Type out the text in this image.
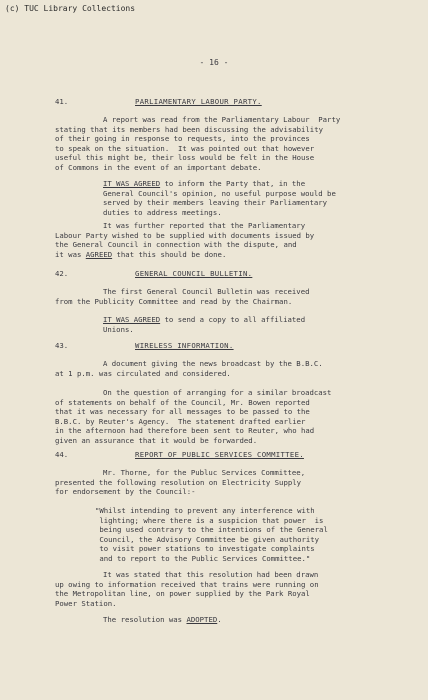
(c) TUC Library Collections
- 16 -
41.	PARLIAMENTARY LABOUR PARTY.
A report was read from the Parliamentary Labour  Party
stating that its members had been discussing the advisability
of their going in response to requests, into the provinces
to speak on the situation.  It was pointed out that however
useful this might be, their loss would be felt in the House
of Commons in the event of an important debate.
IT WAS AGREED to inform the Party that, in the
General Council's opinion, no useful purpose would be
served by their members leaving their Parliamentary
duties to address meetings.
It was further reported that the Parliamentary
Labour Party wished to be supplied with documents issued by
the General Council in connection with the dispute, and
it was AGREED that this should be done.
42.	GENERAL COUNCIL BULLETIN.
The first General Council Bulletin was received
from the Publicity Committee and read by the Chairman.
IT WAS AGREED to send a copy to all affiliated
Unions.
43.	WIRELESS INFORMATION.
A document giving the news broadcast by the B.B.C.
at 1 p.m. was circulated and considered.
On the question of arranging for a similar broadcast
of statements on behalf of the Council, Mr. Bowen reported
that it was necessary for all messages to be passed to the
B.B.C. by Reuter's Agency.  The statement drafted earlier
in the afternoon had therefore been sent to Reuter, who had
given an assurance that it would be forwarded.
44.	REPORT OF PUBLIC SERVICES COMMITTEE.
Mr. Thorne, for the Publuc Services Committee,
presented the following resolution on Electricity Supply
for endorsement by the Council:-
"Whilst intending to prevent any interference with
lighting; where there is a suspicion that power  is
being used contrary to the intentions of the General
Council, the Advisory Committee be given authority
to visit power stations to investigate complaints
and to report to the Public Services Committee."
It was stated that this resolution had been drawn
up owing to information received that trains were running on
the Metropolitan line, on power supplied by the Park Royal
Power Station.
The resolution was ADOPTED.
